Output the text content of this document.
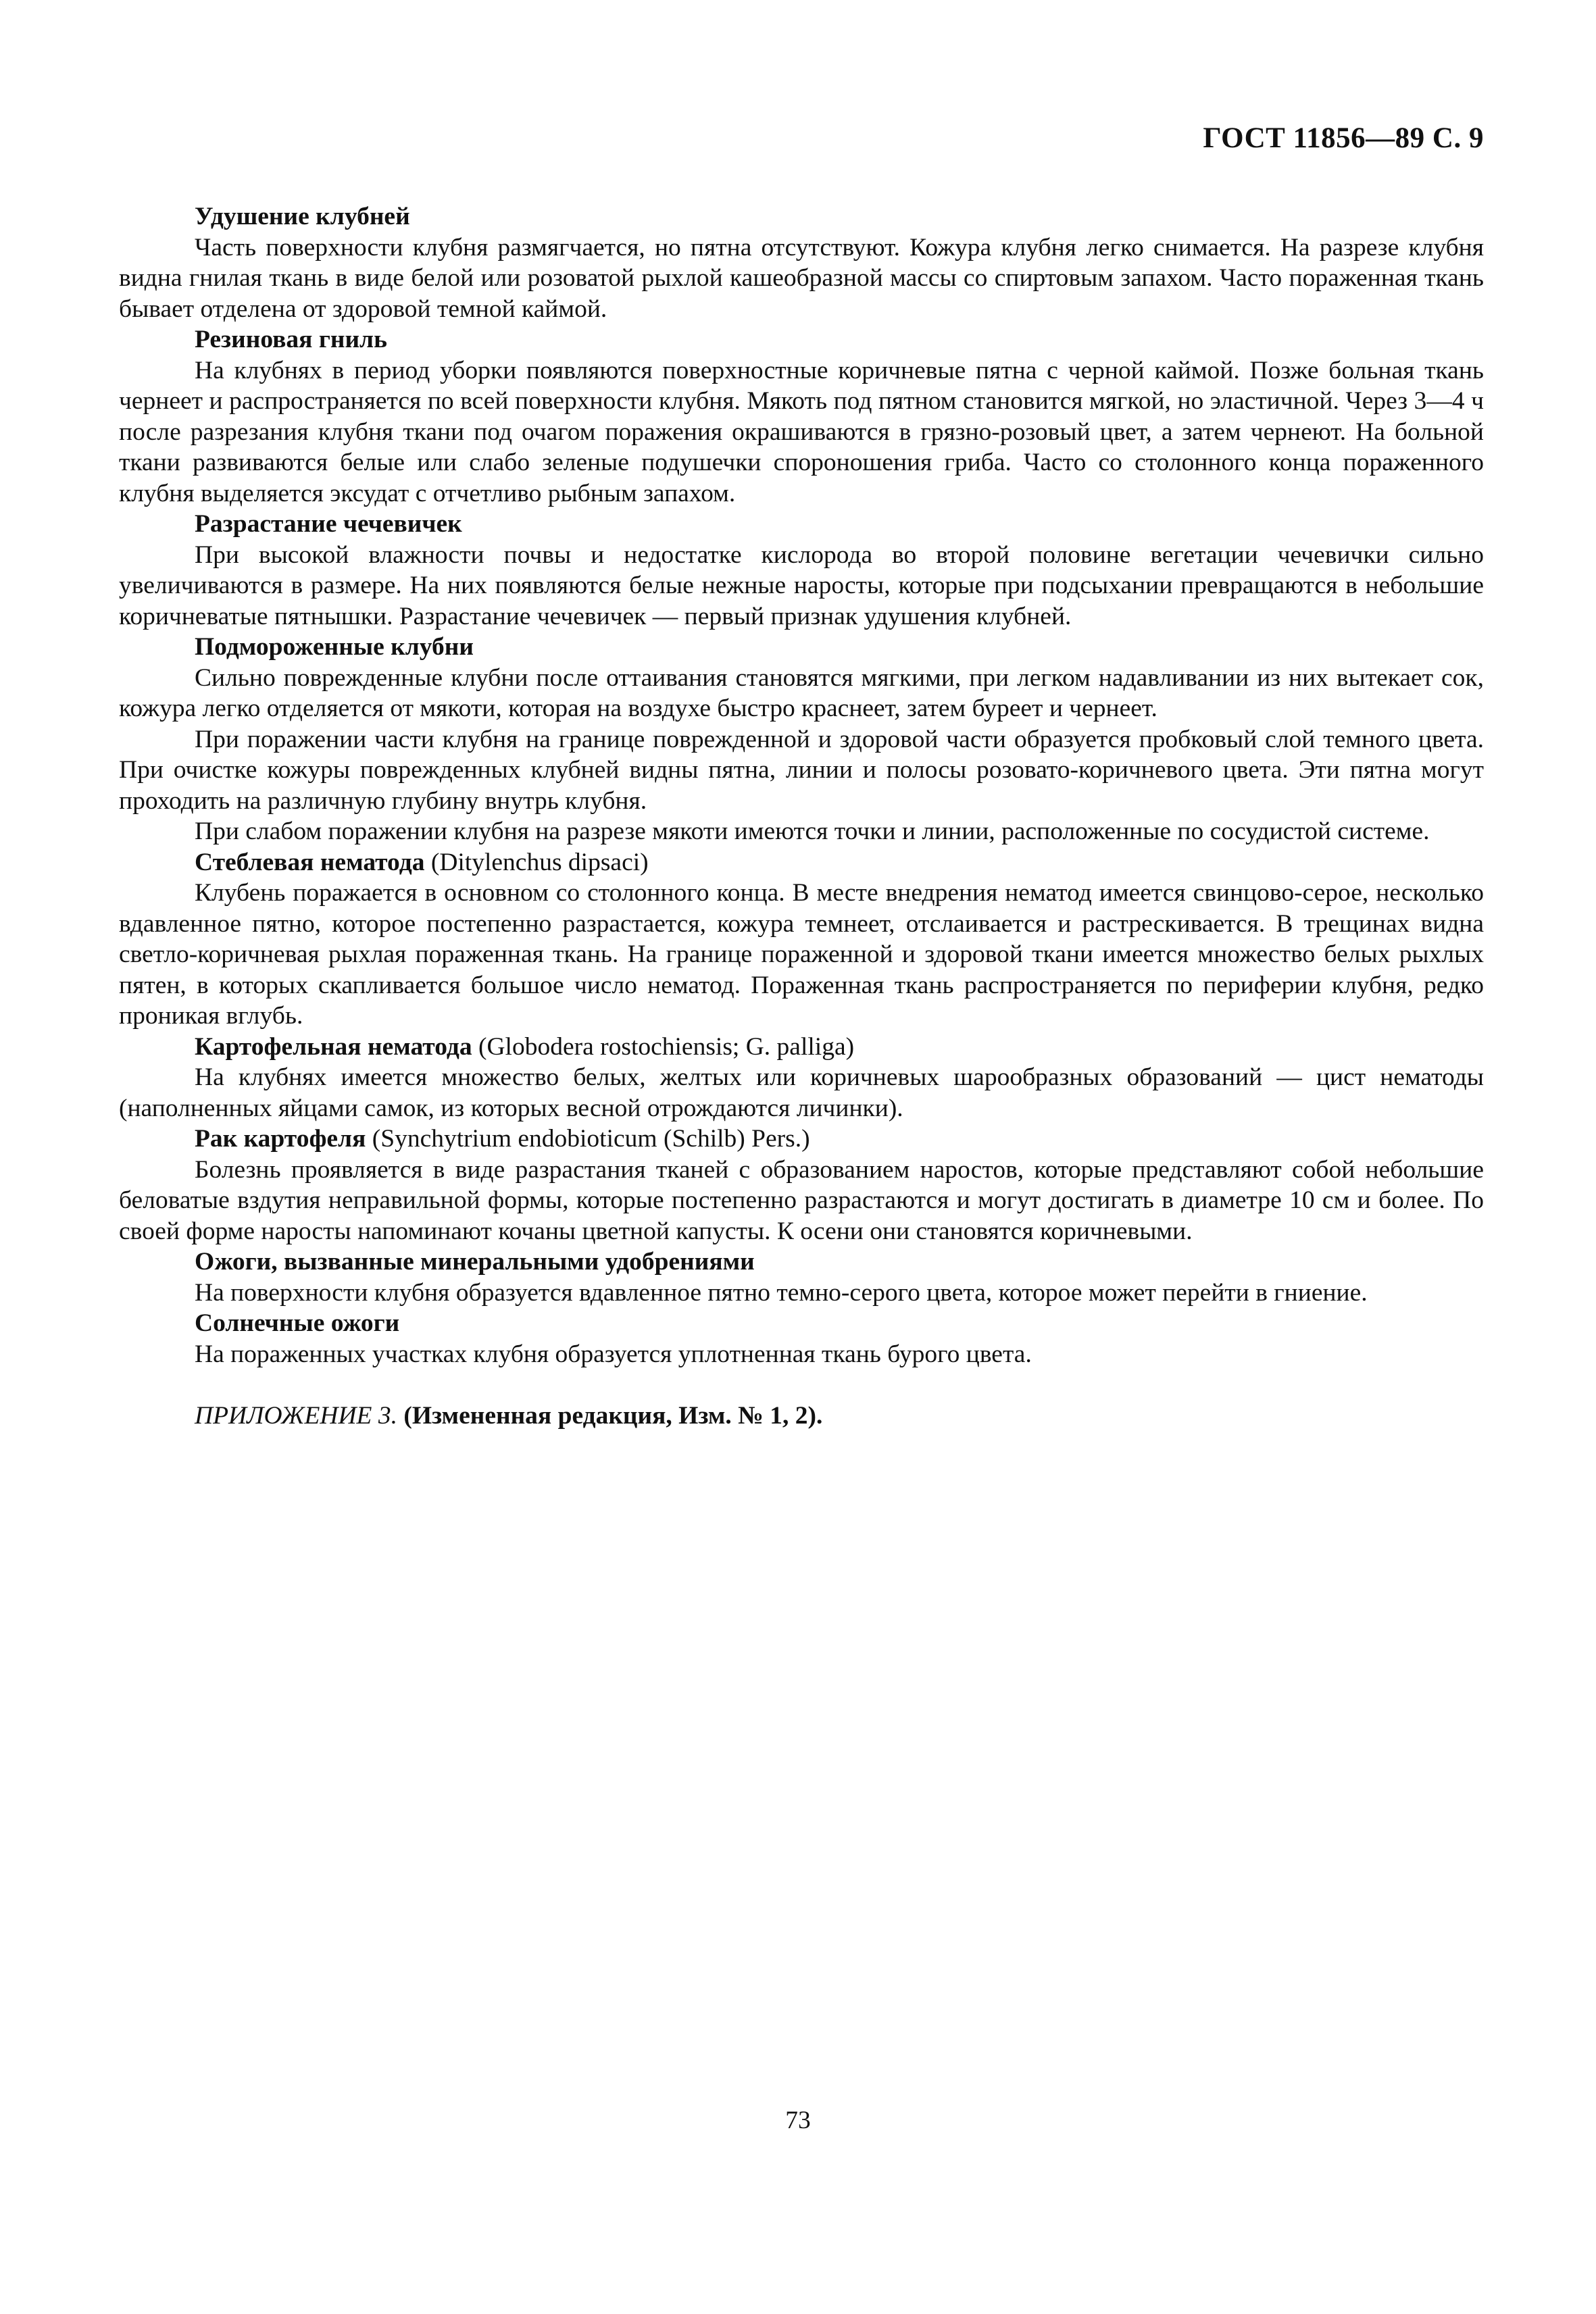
ГОСТ 11856—89 С. 9
Удушение клубней
Часть поверхности клубня размягчается, но пятна отсутствуют. Кожура клубня легко снимается. На разрезе клубня видна гнилая ткань в виде белой или розоватой рыхлой кашеобразной массы со спиртовым запахом. Часто пораженная ткань бывает отделена от здоровой темной каймой.
Резиновая гниль
На клубнях в период уборки появляются поверхностные коричневые пятна с черной каймой. Позже больная ткань чернеет и распространяется по всей поверхности клубня. Мякоть под пятном становится мягкой, но эластичной. Через 3—4 ч после разрезания клубня ткани под очагом поражения окрашиваются в грязно-розовый цвет, а затем чернеют. На больной ткани развиваются белые или слабо зеленые подушечки спороношения гриба. Часто со столонного конца пораженного клубня выделяется эксудат с отчетливо рыбным запахом.
Разрастание чечевичек
При высокой влажности почвы и недостатке кислорода во второй половине вегетации чечевички сильно увеличиваются в размере. На них появляются белые нежные наросты, которые при подсыхании превращаются в небольшие коричневатые пятнышки. Разрастание чечевичек — первый признак удушения клубней.
Подмороженные клубни
Сильно поврежденные клубни после оттаивания становятся мягкими, при легком надавливании из них вытекает сок, кожура легко отделяется от мякоти, которая на воздухе быстро краснеет, затем буреет и чернеет.
При поражении части клубня на границе поврежденной и здоровой части образуется пробковый слой темного цвета. При очистке кожуры поврежденных клубней видны пятна, линии и полосы розовато-коричневого цвета. Эти пятна могут проходить на различную глубину внутрь клубня.
При слабом поражении клубня на разрезе мякоти имеются точки и линии, расположенные по сосудистой системе.
Стеблевая нематода (Ditylenchus dipsaci)
Клубень поражается в основном со столонного конца. В месте внедрения нематод имеется свинцово-серое, несколько вдавленное пятно, которое постепенно разрастается, кожура темнеет, отслаивается и растрескивается. В трещинах видна светло-коричневая рыхлая пораженная ткань. На границе пораженной и здоровой ткани имеется множество белых рыхлых пятен, в которых скапливается большое число нематод. Пораженная ткань распространяется по периферии клубня, редко проникая вглубь.
Картофельная нематода (Globodera rostochiensis; G. palliga)
На клубнях имеется множество белых, желтых или коричневых шарообразных образований — цист нематоды (наполненных яйцами самок, из которых весной отрождаются личинки).
Рак картофеля (Synchytrium endobioticum (Schilb) Pers.)
Болезнь проявляется в виде разрастания тканей с образованием наростов, которые представляют собой небольшие беловатые вздутия неправильной формы, которые постепенно разрастаются и могут достигать в диаметре 10 см и более. По своей форме наросты напоминают кочаны цветной капусты. К осени они становятся коричневыми.
Ожоги, вызванные минеральными удобрениями
На поверхности клубня образуется вдавленное пятно темно-серого цвета, которое может перейти в гниение.
Солнечные ожоги
На пораженных участках клубня образуется уплотненная ткань бурого цвета.
ПРИЛОЖЕНИЕ 3. (Измененная редакция, Изм. № 1, 2).
73
